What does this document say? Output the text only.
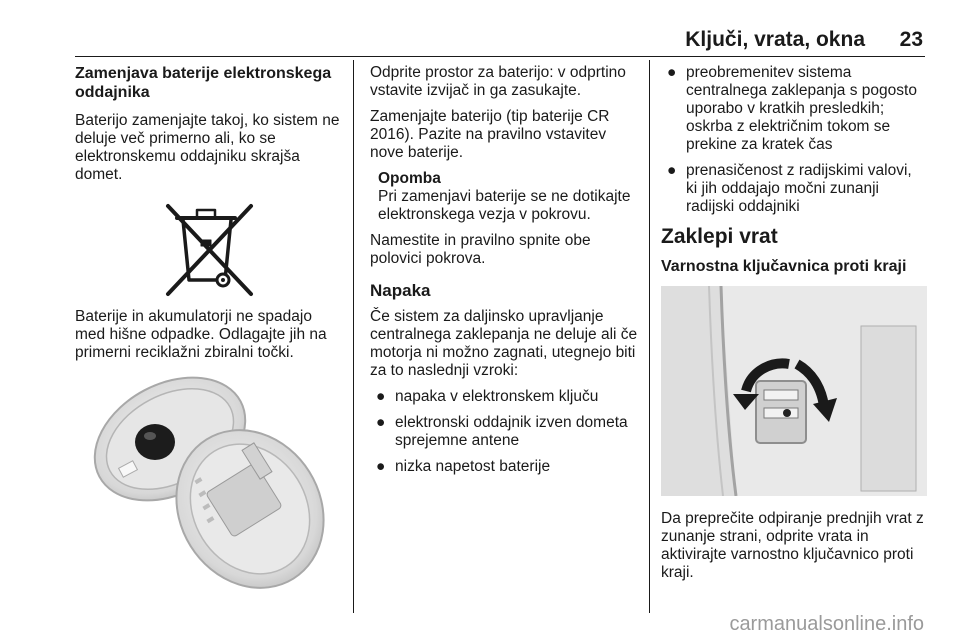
Ključi, vrata, okna 23
Zamenjava baterije elektronskega oddajnika

Baterijo zamenjajte takoj, ko sistem ne deluje več primerno ali, ko se elektronskemu oddajniku skrajša domet.

Baterije in akumulatorji ne spadajo med hišne odpadke. Odlagajte jih na primerni reciklažni zbiralni točki.

Odprite prostor za baterijo: v odprtino vstavite izvijač in ga zasukajte.

Zamenjajte baterijo (tip baterije CR 2016). Pazite na pravilno vstavitev nove baterije.

Opomba
Pri zamenjavi baterije se ne dotikajte elektronskega vezja v pokrovu.

Namestite in pravilno spnite obe polovici pokrova.

Napaka

Če sistem za daljinsko upravljanje centralnega zaklepanja ne deluje ali če motorja ni možno zagnati, utegnejo biti za to naslednji vzroki:

● napaka v elektronskem ključu
● elektronski oddajnik izven dometa sprejemne antene
● nizka napetost baterije
● preobremenitev sistema centralnega zaklepanja s pogosto uporabo v kratkih presledkih; oskrba z električnim tokom se prekine za kratek čas
● prenasičenost z radijskimi valovi, ki jih oddajajo močni zunanji radijski oddajniki
Zaklepi vrat
Varnostna ključavnica proti kraji

Da preprečite odpiranje prednjih vrat z zunanje strani, odprite vrata in aktivirajte varnostno ključavnico proti kraji.

carmanualsonline.info
